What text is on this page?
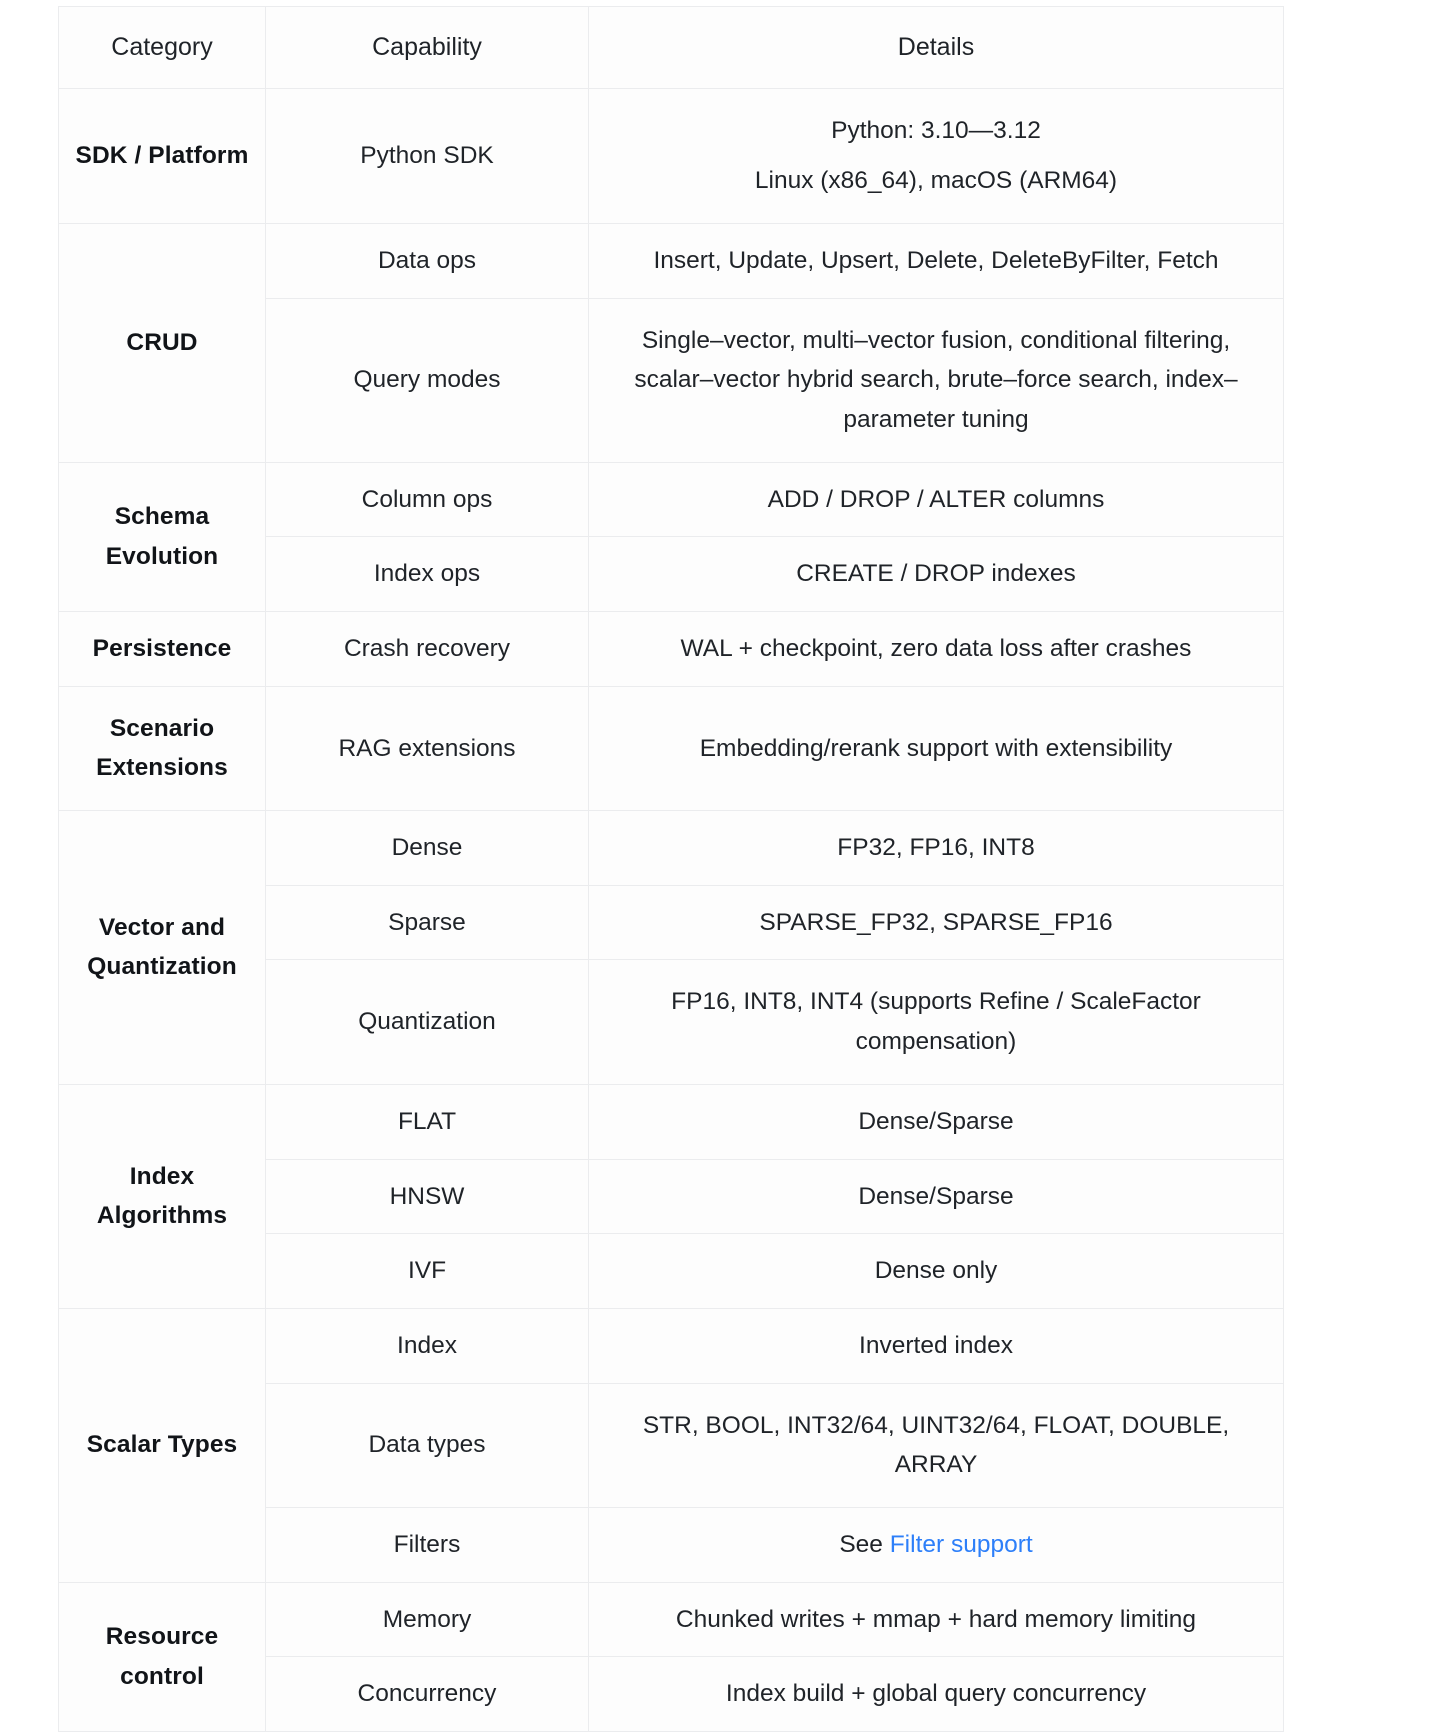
Category	Capability	Details
SDK / Platform	Python SDK	Python: 3.10—3.12
Linux (x86_64), macOS (ARM64)

CRUD	Data ops	Insert, Update, Upsert, Delete, DeleteByFilter, Fetch

	Query modes	Single–vector, multi–vector fusion, conditional filtering, scalar–vector hybrid search, brute–force search, index–parameter tuning

Schema Evolution	Column ops	ADD / DROP / ALTER columns

	Index ops	CREATE / DROP indexes

Persistence	Crash recovery	WAL + checkpoint, zero data loss after crashes

Scenario Extensions	RAG extensions	Embedding/rerank support with extensibility

Vector and Quantization	Dense	FP32, FP16, INT8

	Sparse	SPARSE_FP32, SPARSE_FP16

	Quantization	FP16, INT8, INT4 (supports Refine / ScaleFactor compensation)

Index Algorithms	FLAT	Dense/Sparse

	HNSW	Dense/Sparse

	IVF	Dense only

Scalar Types	Index	Inverted index

	Data types	STR, BOOL, INT32/64, UINT32/64, FLOAT, DOUBLE, ARRAY

	Filters	See Filter support

Resource control	Memory	Chunked writes + mmap + hard memory limiting

	Concurrency	Index build + global query concurrency
